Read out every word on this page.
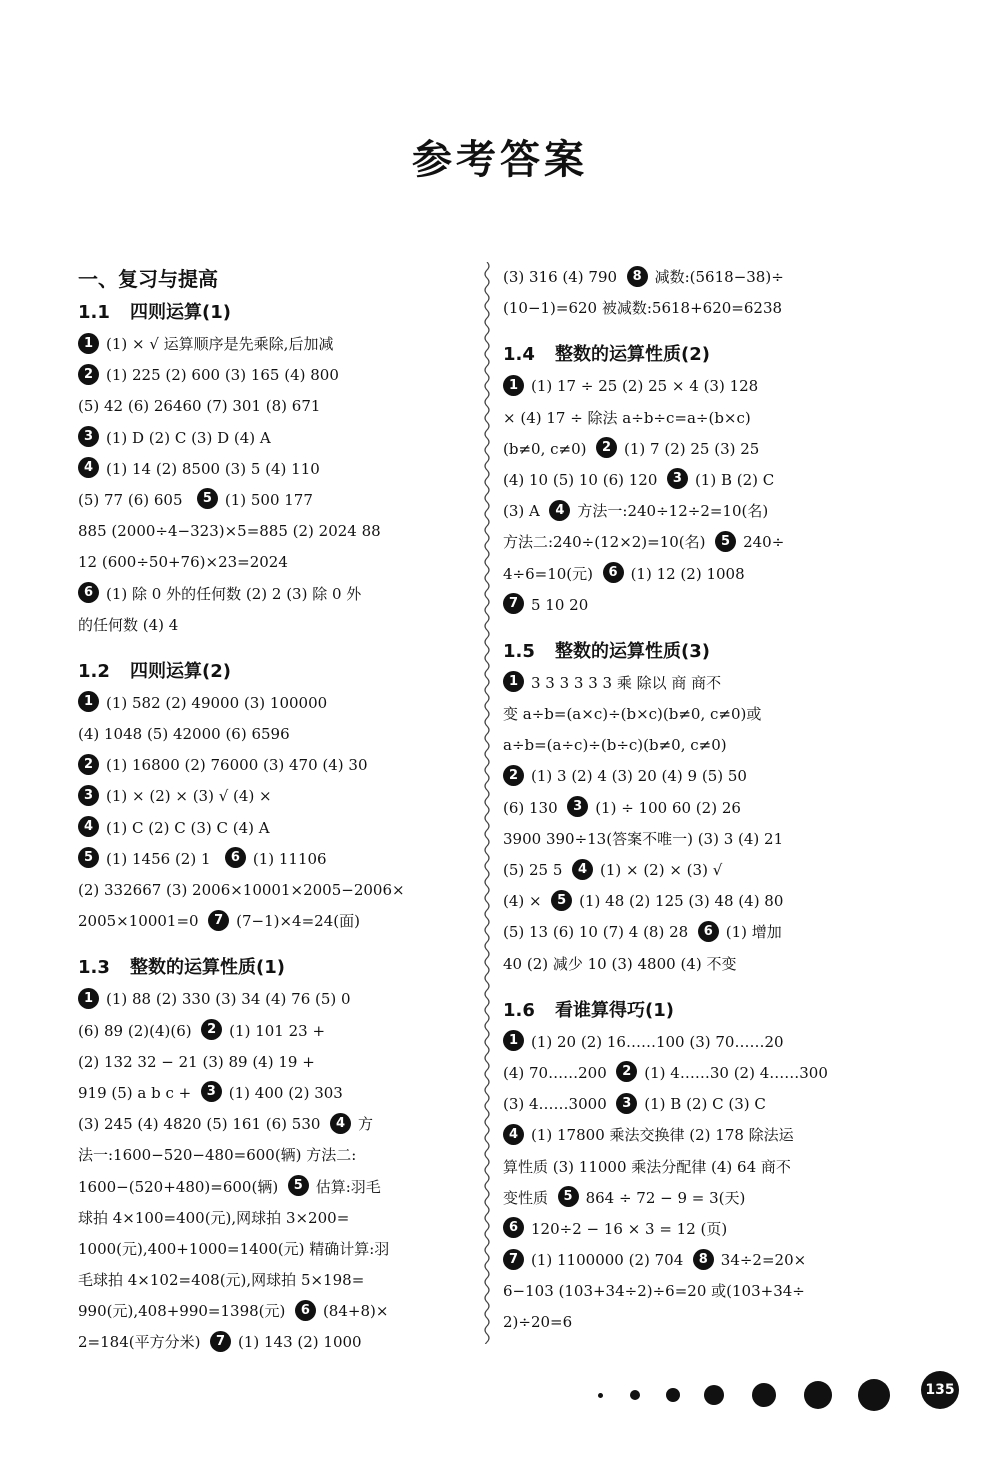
参考答案
一、复习与提高
1.1 四则运算(1)
1 (1) × √ 运算顺序是先乘除,后加减
2 (1) 225 (2) 600 (3) 165 (4) 800
(5) 42 (6) 26460 (7) 301 (8) 671
3 (1) D (2) C (3) D (4) A
4 (1) 14 (2) 8500 (3) 5 (4) 110
(5) 77 (6) 605 5 (1) 500 177
885 (2000÷4−323)×5=885 (2) 2024 88
12 (600÷50+76)×23=2024
6 (1) 除 0 外的任何数 (2) 2 (3) 除 0 外
的任何数 (4) 4
1.2 四则运算(2)
1 (1) 582 (2) 49000 (3) 100000
(4) 1048 (5) 42000 (6) 6596
2 (1) 16800 (2) 76000 (3) 470 (4) 30
3 (1) × (2) × (3) √ (4) ×
4 (1) C (2) C (3) C (4) A
5 (1) 1456 (2) 1 6 (1) 11106
(2) 332667 (3) 2006×10001×2005−2006×
2005×10001=0 7 (7−1)×4=24(面)
1.3 整数的运算性质(1)
1 (1) 88 (2) 330 (3) 34 (4) 76 (5) 0
(6) 89 (2)(4)(6) 2 (1) 101 23 +
(2) 132 32 − 21 (3) 89 (4) 19 +
919 (5) a b c + 3 (1) 400 (2) 303
(3) 245 (4) 4820 (5) 161 (6) 530 4 方
法一:1600−520−480=600(辆) 方法二:
1600−(520+480)=600(辆) 5 估算:羽毛
球拍 4×100=400(元),网球拍 3×200=
1000(元),400+1000=1400(元) 精确计算:羽
毛球拍 4×102=408(元),网球拍 5×198=
990(元),408+990=1398(元) 6 (84+8)×
2=184(平方分米) 7 (1) 143 (2) 1000
(3) 316 (4) 790 8 减数:(5618−38)÷
(10−1)=620 被减数:5618+620=6238
1.4 整数的运算性质(2)
1 (1) 17 ÷ 25 (2) 25 × 4 (3) 128
× (4) 17 ÷ 除法 a÷b÷c=a÷(b×c)
(b≠0, c≠0) 2 (1) 7 (2) 25 (3) 25
(4) 10 (5) 10 (6) 120 3 (1) B (2) C
(3) A 4 方法一:240÷12÷2=10(名)
方法二:240÷(12×2)=10(名) 5 240÷
4÷6=10(元) 6 (1) 12 (2) 1008
7 5 10 20
1.5 整数的运算性质(3)
1 3 3 3 3 3 3 乘 除以 商 商不
变 a÷b=(a×c)÷(b×c)(b≠0, c≠0)或
a÷b=(a÷c)÷(b÷c)(b≠0, c≠0)
2 (1) 3 (2) 4 (3) 20 (4) 9 (5) 50
(6) 130 3 (1) ÷ 100 60 (2) 26
3900 390÷13(答案不唯一) (3) 3 (4) 21
(5) 25 5 4 (1) × (2) × (3) √
(4) × 5 (1) 48 (2) 125 (3) 48 (4) 80
(5) 13 (6) 10 (7) 4 (8) 28 6 (1) 增加
40 (2) 减少 10 (3) 4800 (4) 不变
1.6 看谁算得巧(1)
1 (1) 20 (2) 16……100 (3) 70……20
(4) 70……200 2 (1) 4……30 (2) 4……300
(3) 4……3000 3 (1) B (2) C (3) C
4 (1) 17800 乘法交换律 (2) 178 除法运
算性质 (3) 11000 乘法分配律 (4) 64 商不
变性质 5 864 ÷ 72 − 9 = 3(天)
6 120÷2 − 16 × 3 = 12 (页)
7 (1) 1100000 (2) 704 8 34÷2=20×
6−103 (103+34÷2)÷6=20 或(103+34÷
2)÷20=6
135
